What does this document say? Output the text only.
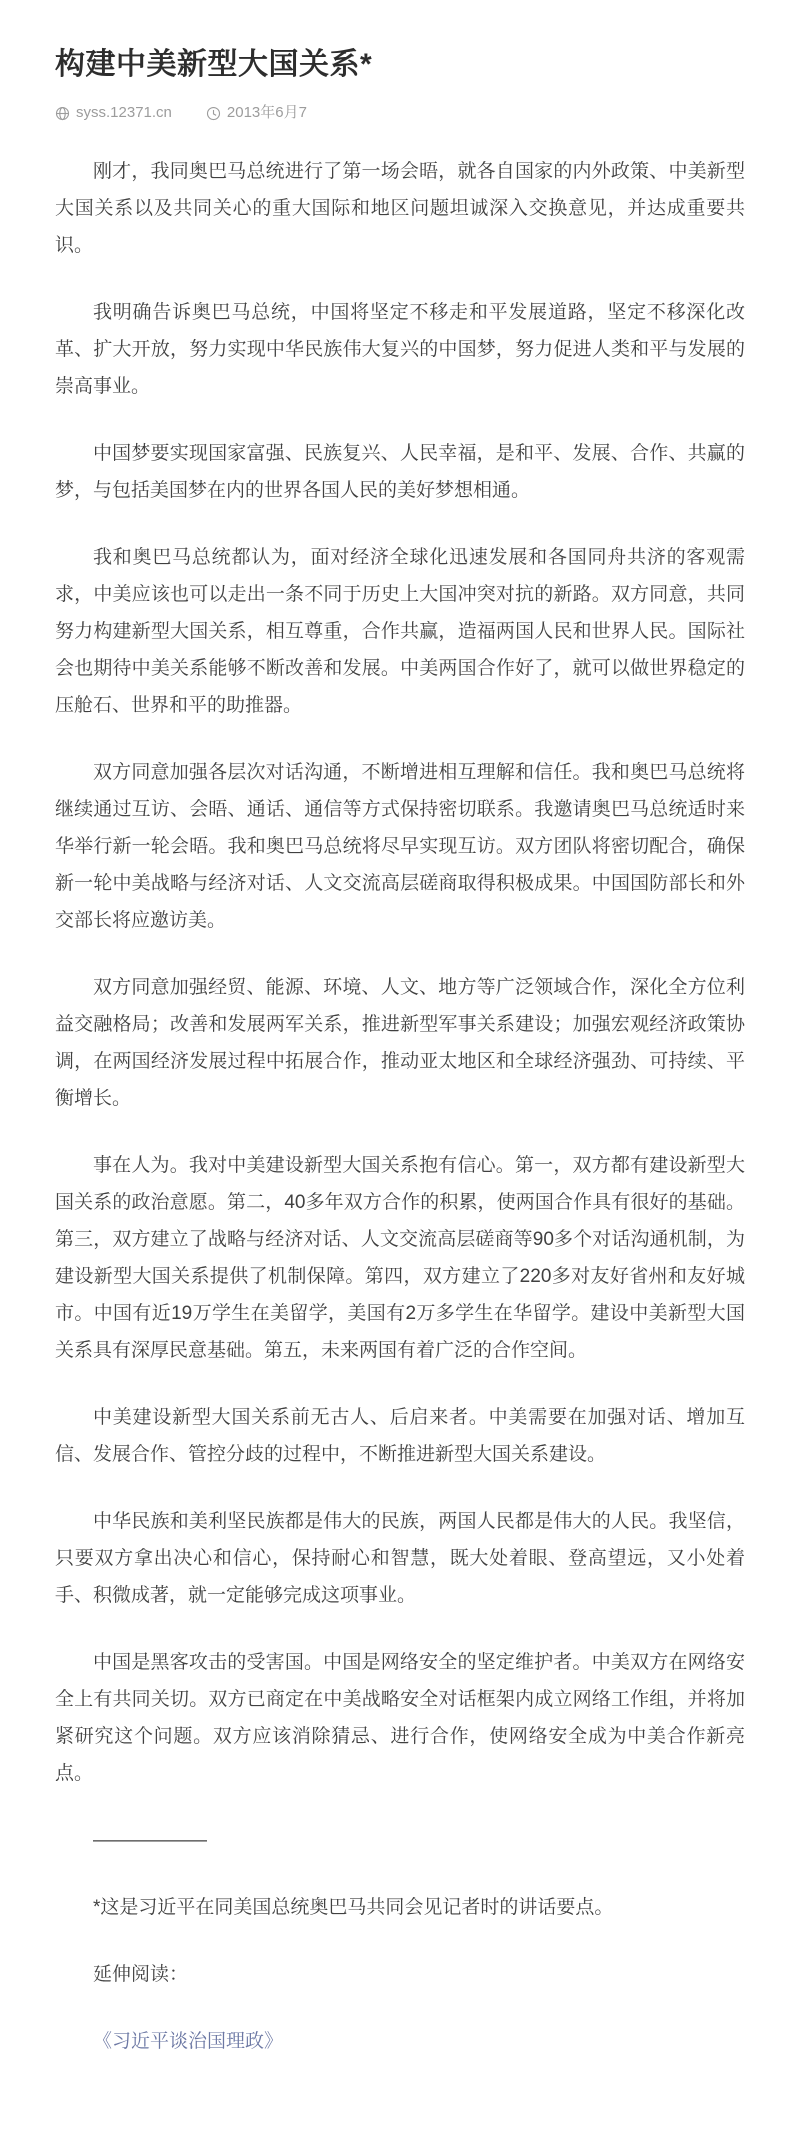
构建中美新型大国关系*
syss.12371.cn	2013年6月7

刚才，我同奥巴马总统进行了第一场会晤，就各自国家的内外政策、中美新型大国关系以及共同关心的重大国际和地区问题坦诚深入交换意见，并达成重要共识。

我明确告诉奥巴马总统，中国将坚定不移走和平发展道路，坚定不移深化改革、扩大开放，努力实现中华民族伟大复兴的中国梦，努力促进人类和平与发展的崇高事业。

中国梦要实现国家富强、民族复兴、人民幸福，是和平、发展、合作、共赢的梦，与包括美国梦在内的世界各国人民的美好梦想相通。

我和奥巴马总统都认为，面对经济全球化迅速发展和各国同舟共济的客观需求，中美应该也可以走出一条不同于历史上大国冲突对抗的新路。双方同意，共同努力构建新型大国关系，相互尊重，合作共赢，造福两国人民和世界人民。国际社会也期待中美关系能够不断改善和发展。中美两国合作好了，就可以做世界稳定的压舱石、世界和平的助推器。

双方同意加强各层次对话沟通，不断增进相互理解和信任。我和奥巴马总统将继续通过互访、会晤、通话、通信等方式保持密切联系。我邀请奥巴马总统适时来华举行新一轮会晤。我和奥巴马总统将尽早实现互访。双方团队将密切配合，确保新一轮中美战略与经济对话、人文交流高层磋商取得积极成果。中国国防部长和外交部长将应邀访美。

双方同意加强经贸、能源、环境、人文、地方等广泛领域合作，深化全方位利益交融格局；改善和发展两军关系，推进新型军事关系建设；加强宏观经济政策协调，在两国经济发展过程中拓展合作，推动亚太地区和全球经济强劲、可持续、平衡增长。

事在人为。我对中美建设新型大国关系抱有信心。第一，双方都有建设新型大国关系的政治意愿。第二，40多年双方合作的积累，使两国合作具有很好的基础。第三，双方建立了战略与经济对话、人文交流高层磋商等90多个对话沟通机制，为建设新型大国关系提供了机制保障。第四，双方建立了220多对友好省州和友好城市。中国有近19万学生在美留学，美国有2万多学生在华留学。建设中美新型大国关系具有深厚民意基础。第五，未来两国有着广泛的合作空间。

中美建设新型大国关系前无古人、后启来者。中美需要在加强对话、增加互信、发展合作、管控分歧的过程中，不断推进新型大国关系建设。

中华民族和美利坚民族都是伟大的民族，两国人民都是伟大的人民。我坚信，只要双方拿出决心和信心，保持耐心和智慧，既大处着眼、登高望远，又小处着手、积微成著，就一定能够完成这项事业。

中国是黑客攻击的受害国。中国是网络安全的坚定维护者。中美双方在网络安全上有共同关切。双方已商定在中美战略安全对话框架内成立网络工作组，并将加紧研究这个问题。双方应该消除猜忌、进行合作，使网络安全成为中美合作新亮点。

——————

*这是习近平在同美国总统奥巴马共同会见记者时的讲话要点。

延伸阅读：

《习近平谈治国理政》
